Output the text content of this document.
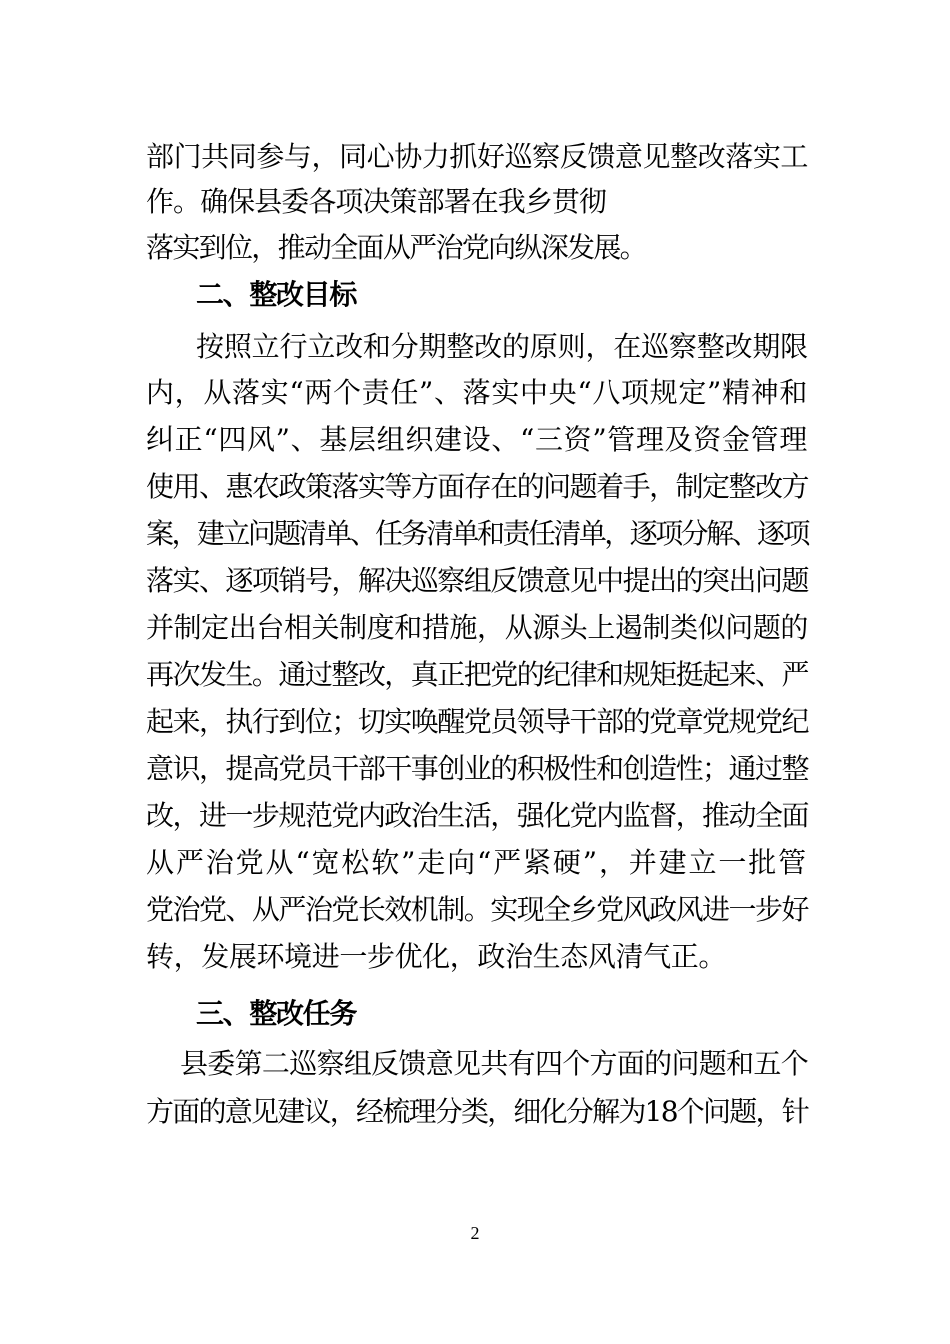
部门共同参与，同心协力抓好巡察反馈意见整改落实工
作。确保县委各项决策部署在我乡贯彻
落实到位，推动全面从严治党向纵深发展。
二、整改目标
按照立行立改和分期整改的原则，在巡察整改期限
内，从落实“两个责任”、落实中央“八项规定”精神和
纠正“四风”、基层组织建设、“三资”管理及资金管理
使用、惠农政策落实等方面存在的问题着手，制定整改方
案，建立问题清单、任务清单和责任清单，逐项分解、逐项
落实、逐项销号，解决巡察组反馈意见中提出的突出问题
并制定出台相关制度和措施，从源头上遏制类似问题的
再次发生。通过整改，真正把党的纪律和规矩挺起来、严
起来，执行到位；切实唤醒党员领导干部的党章党规党纪
意识，提高党员干部干事创业的积极性和创造性；通过整
改，进一步规范党内政治生活，强化党内监督，推动全面
从严治党从“宽松软”走向“严紧硬”，并建立一批管
党治党、从严治党长效机制。实现全乡党风政风进一步好
转，发展环境进一步优化，政治生态风清气正。
三、整改任务
县委第二巡察组反馈意见共有四个方面的问题和五个
方面的意见建议，经梳理分类，细化分解为18个问题，针
2
